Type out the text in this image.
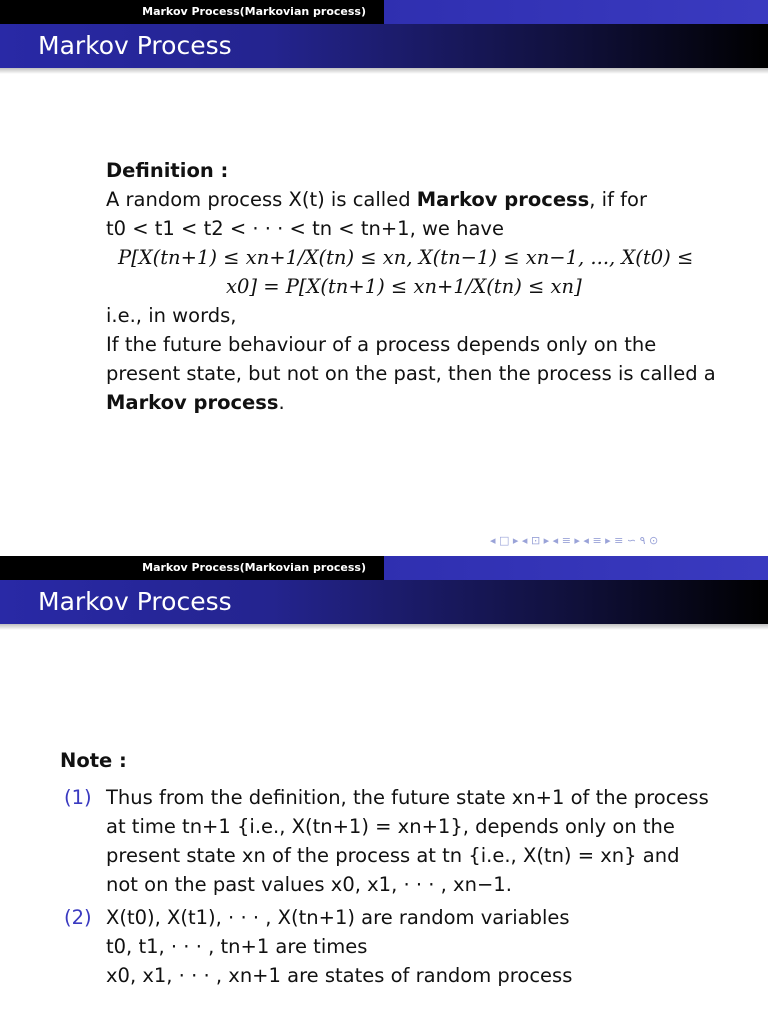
Markov Process(Markovian process)
Markov Process
Definition :
A random process X(t) is called Markov process, if for
t0 < t1 < t2 < · · · < tn < tn+1, we have
P[X(tn+1) ≤ xn+1/X(tn) ≤ xn, X(tn−1) ≤ xn−1, ..., X(t0) ≤
x0] = P[X(tn+1) ≤ xn+1/X(tn) ≤ xn]
i.e., in words,
If the future behaviour of a process depends only on the
present state, but not on the past, then the process is called a
Markov process.
◂ □ ▸ ◂ ⊡ ▸ ◂ ≡ ▸ ◂ ≡ ▸ ≡ ∽ ۹ ⊙
Markov Process(Markovian process)
Markov Process
Note :
(1) Thus from the definition, the future state xn+1 of the process
at time tn+1 {i.e., X(tn+1) = xn+1}, depends only on the
present state xn of the process at tn {i.e., X(tn) = xn} and
not on the past values x0, x1, · · · , xn−1.
(2) X(t0), X(t1), · · · , X(tn+1) are random variables
t0, t1, · · · , tn+1 are times
x0, x1, · · · , xn+1 are states of random process
